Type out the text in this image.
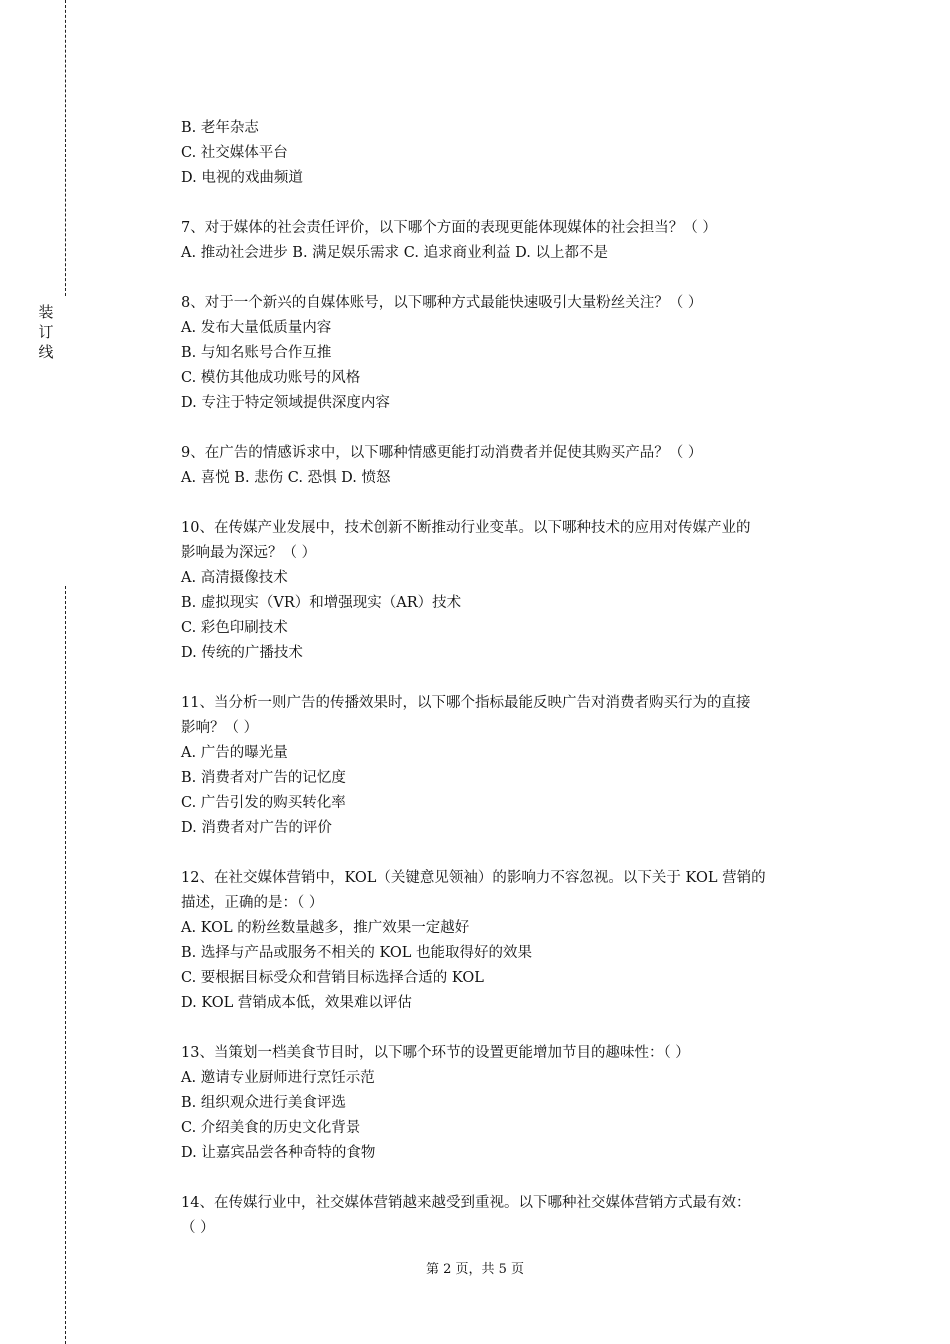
装
订
线
B. 老年杂志
C. 社交媒体平台
D. 电视的戏曲频道
7、对于媒体的社会责任评价，以下哪个方面的表现更能体现媒体的社会担当？（ ）
A. 推动社会进步 B. 满足娱乐需求 C. 追求商业利益 D. 以上都不是
8、对于一个新兴的自媒体账号，以下哪种方式最能快速吸引大量粉丝关注？（ ）
A. 发布大量低质量内容
B. 与知名账号合作互推
C. 模仿其他成功账号的风格
D. 专注于特定领域提供深度内容
9、在广告的情感诉求中，以下哪种情感更能打动消费者并促使其购买产品？（ ）
A. 喜悦 B. 悲伤 C. 恐惧 D. 愤怒
10、在传媒产业发展中，技术创新不断推动行业变革。以下哪种技术的应用对传媒产业的
影响最为深远？（ ）
A. 高清摄像技术
B. 虚拟现实（VR）和增强现实（AR）技术
C. 彩色印刷技术
D. 传统的广播技术
11、当分析一则广告的传播效果时，以下哪个指标最能反映广告对消费者购买行为的直接
影响？（ ）
A. 广告的曝光量
B. 消费者对广告的记忆度
C. 广告引发的购买转化率
D. 消费者对广告的评价
12、在社交媒体营销中，KOL（关键意见领袖）的影响力不容忽视。以下关于 KOL 营销的
描述，正确的是：（ ）
A. KOL 的粉丝数量越多，推广效果一定越好
B. 选择与产品或服务不相关的 KOL 也能取得好的效果
C. 要根据目标受众和营销目标选择合适的 KOL
D. KOL 营销成本低，效果难以评估
13、当策划一档美食节目时，以下哪个环节的设置更能增加节目的趣味性：（ ）
A. 邀请专业厨师进行烹饪示范
B. 组织观众进行美食评选
C. 介绍美食的历史文化背景
D. 让嘉宾品尝各种奇特的食物
14、在传媒行业中，社交媒体营销越来越受到重视。以下哪种社交媒体营销方式最有效：
（ ）
第 2 页，共 5 页
